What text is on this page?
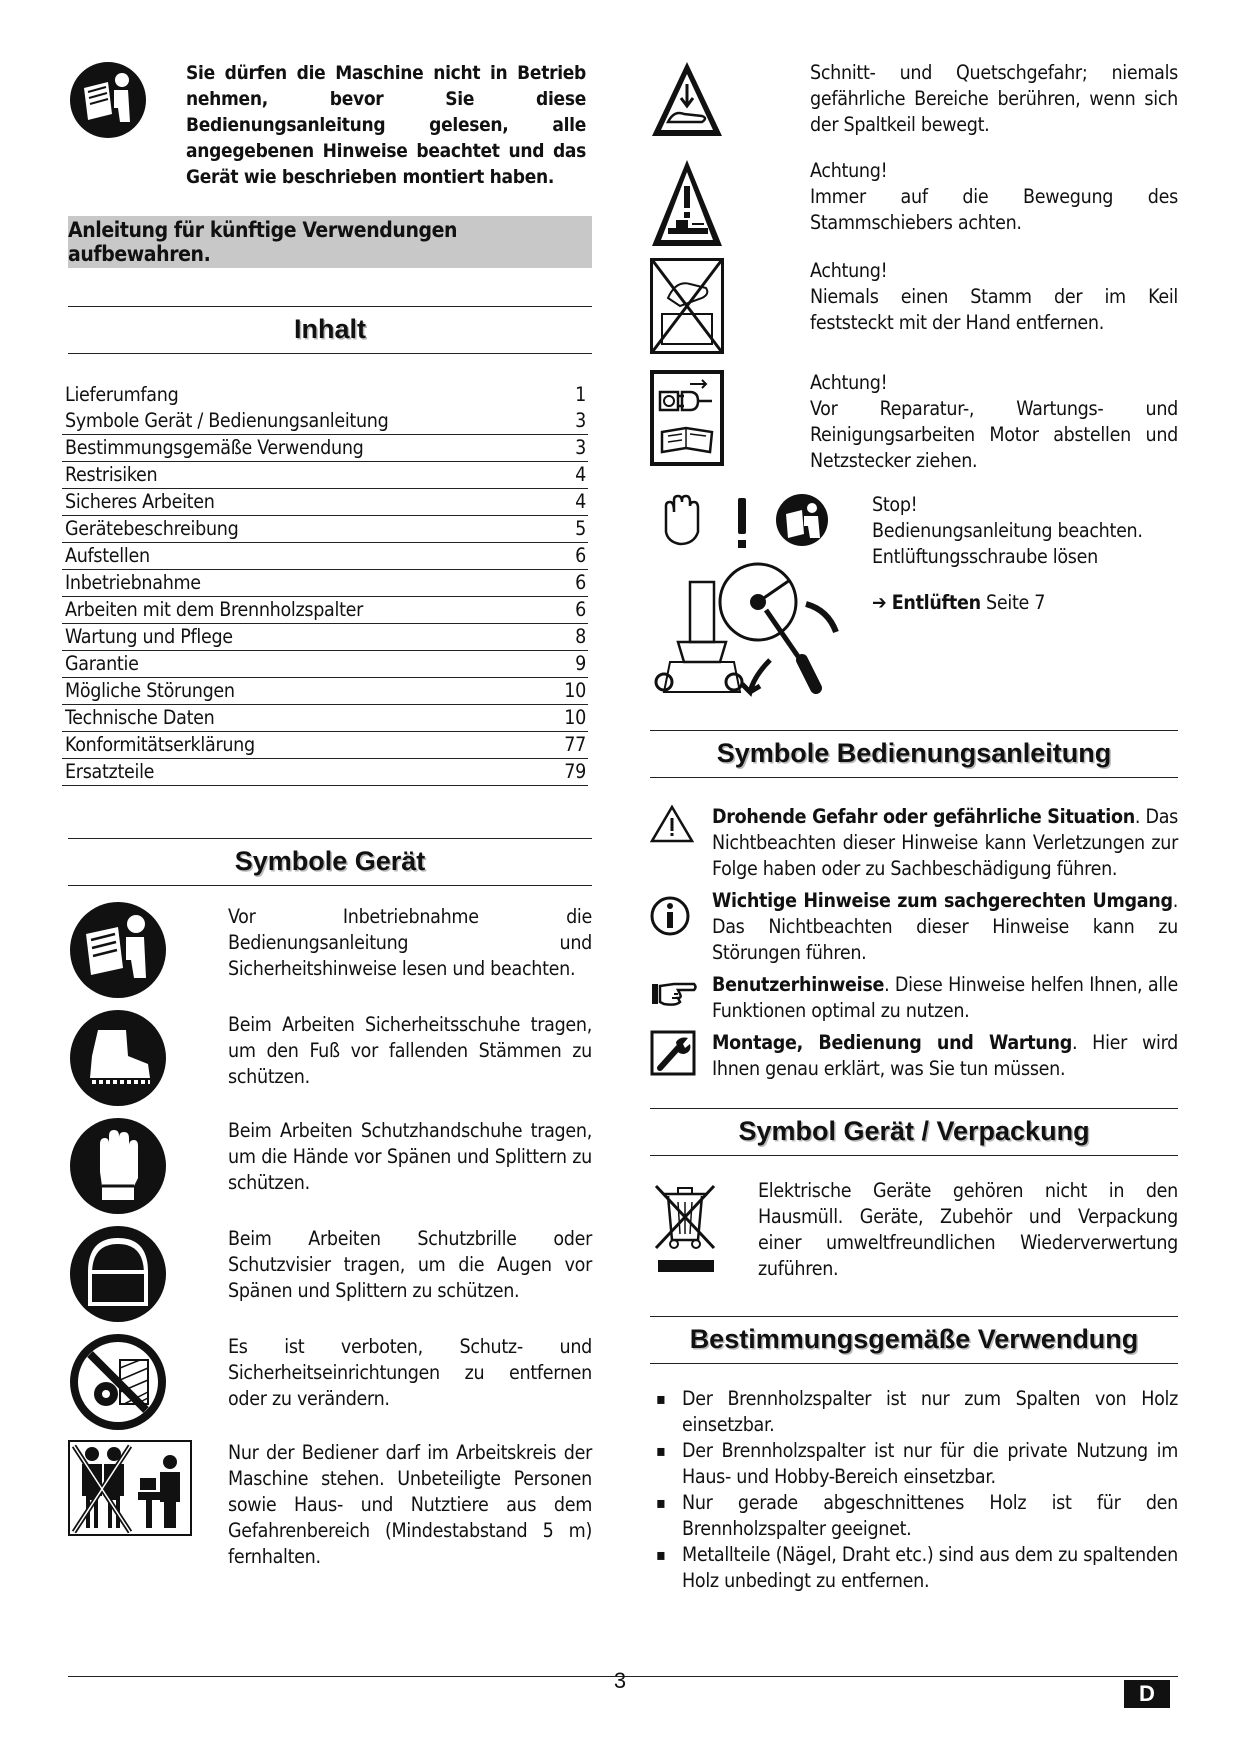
Sie dürfen die Maschine nicht in Betrieb nehmen, bevor Sie diese Bedienungsanleitung gelesen, alle angegebenen Hinweise beachtet und das Gerät wie beschrieben montiert haben.
Anleitung für künftige Verwendungen aufbewahren.
Inhalt
Lieferumfang	1
Symbole Gerät / Bedienungsanleitung	3
Bestimmungsgemäße Verwendung	3
Restrisiken	4
Sicheres Arbeiten	4
Gerätebeschreibung	5
Aufstellen	6
Inbetriebnahme	6
Arbeiten mit dem Brennholzspalter	6
Wartung und Pflege	8
Garantie	9
Mögliche Störungen	10
Technische Daten	10
Konformitätserklärung	77
Ersatzteile	79
Symbole Gerät
Vor Inbetriebnahme die Bedienungsanleitung und Sicherheitshinweise lesen und beachten.
Beim Arbeiten Sicherheitsschuhe tragen, um den Fuß vor fallenden Stämmen zu schützen.
Beim Arbeiten Schutzhandschuhe tragen, um die Hände vor Spänen und Splittern zu schützen.
Beim Arbeiten Schutzbrille oder Schutzvisier tragen, um die Augen vor Spänen und Splittern zu schützen.
Es ist verboten, Schutz- und Sicherheitseinrichtungen zu entfernen oder zu verändern.
Nur der Bediener darf im Arbeitskreis der Maschine stehen. Unbeteiligte Personen sowie Haus- und Nutztiere aus dem Gefahrenbereich (Mindestabstand 5 m) fernhalten.
Schnitt- und Quetschgefahr; niemals gefährliche Bereiche berühren, wenn sich der Spaltkeil bewegt.
Achtung!
Immer auf die Bewegung des Stammschiebers achten.
Achtung!
Niemals einen Stamm der im Keil feststeckt mit der Hand entfernen.
Achtung!
Vor Reparatur-, Wartungs- und Reinigungsarbeiten Motor abstellen und Netzstecker ziehen.
Stop!
Bedienungsanleitung beachten.
Entlüftungsschraube lösen
➔ Entlüften Seite 7
Symbole Bedienungsanleitung
Drohende Gefahr oder gefährliche Situation. Das Nichtbeachten dieser Hinweise kann Verletzungen zur Folge haben oder zu Sachbeschädigung führen.
Wichtige Hinweise zum sachgerechten Umgang. Das Nichtbeachten dieser Hinweise kann zu Störungen führen.
Benutzerhinweise. Diese Hinweise helfen Ihnen, alle Funktionen optimal zu nutzen.
Montage, Bedienung und Wartung. Hier wird Ihnen genau erklärt, was Sie tun müssen.
Symbol Gerät / Verpackung
Elektrische Geräte gehören nicht in den Hausmüll. Geräte, Zubehör und Verpackung einer umweltfreundlichen Wiederverwertung zuführen.
Bestimmungsgemäße Verwendung
▪ Der Brennholzspalter ist nur zum Spalten von Holz einsetzbar.
▪ Der Brennholzspalter ist nur für die private Nutzung im Haus- und Hobby-Bereich einsetzbar.
▪ Nur gerade abgeschnittenes Holz ist für den Brennholzspalter geeignet.
▪ Metallteile (Nägel, Draht etc.) sind aus dem zu spaltenden Holz unbedingt zu entfernen.
3
D
